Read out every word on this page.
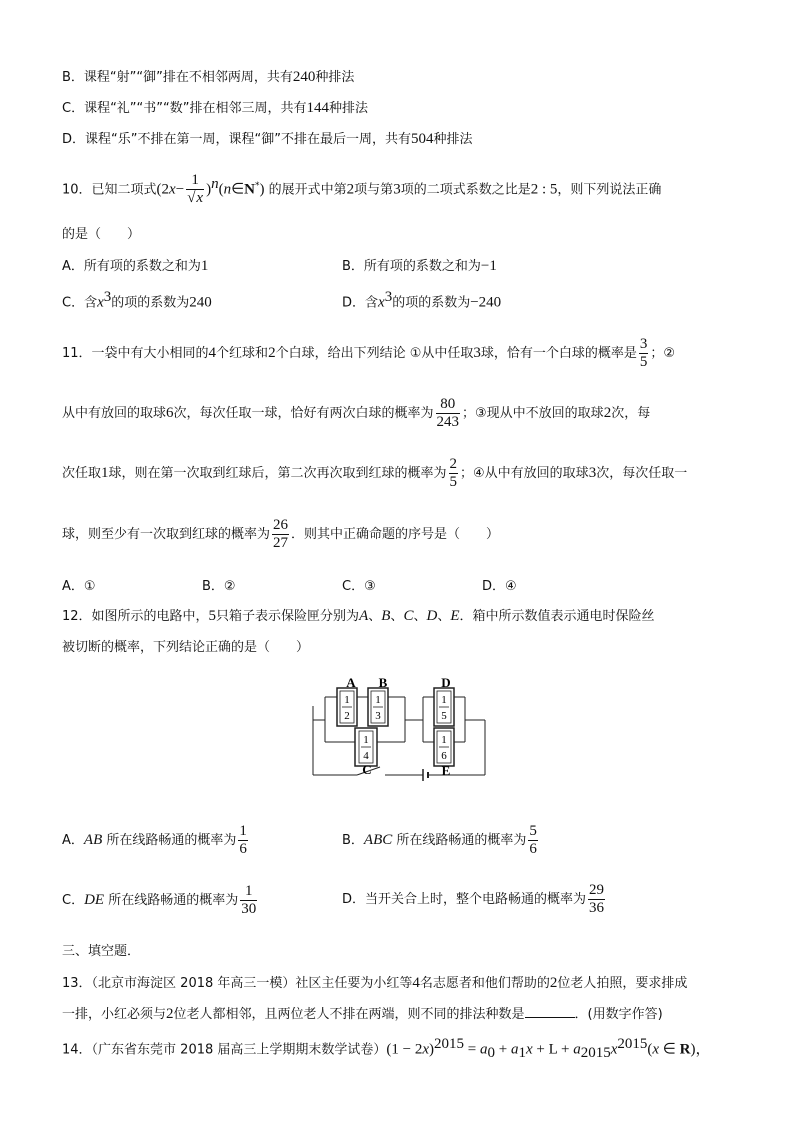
B．课程“射”“御”排在不相邻两周，共有240种排法
C．课程“礼”“书”“数”排在相邻三周，共有144种排法
D．课程“乐”不排在第一周，课程“御”不排在最后一周，共有504种排法
10．已知二项式($2x- \frac{1}{√x}$ )$^n(n\in N^*)$ 的展开式中第2项与第3项的二项式系数之比是2 : 5，则下列说法正确
的是（　　）
A．所有项的系数之和为1	B．所有项的系数之和为−1
C．含$x^3$的项的系数为240	D．含$x^3$的项的系数为−240
11．一袋中有大小相同的4个红球和2个白球，给出下列结论 ①从中任取3球，恰有一个白球的概率是 $\frac{3}{5}$ ；②
从中有放回的取球6次，每次任取一球，恰好有两次白球的概率为 $\frac{80}{243}$ ；③现从中不放回的取球2次，每
次任取1球，则在第一次取到红球后，第二次再次取到红球的概率为 $\frac{2}{5}$ ；④从中有放回的取球3次，每次任取一
球，则至少有一次取到红球的概率为 $\frac{26}{27}$ ．则其中正确命题的序号是（　　）
A．①	B．②	C．③	D．④
12．如图所示的电路中，5只箱子表示保险匣分别为A、B、C、D、E．箱中所示数值表示通电时保险丝
被切断的概率，下列结论正确的是（　　）
A
1
2
B
1
3
1
4
C
D
1
5
1
6
E
A．AB 所在线路畅通的概率为 $\frac{1}{6}$	B．ABC 所在线路畅通的概率为 $\frac{5}{6}$
C．DE 所在线路畅通的概率为 $\frac{1}{30}$	D．当开关合上时，整个电路畅通的概率为 $\frac{29}{36}$
三、填空题．
13．（北京市海淀区 2018 年高三一模）社区主任要为小红等4名志愿者和他们帮助的2位老人拍照，要求排成
一排，小红必须与2位老人都相邻，且两位老人不排在两端，则不同的排法种数是	．(用数字作答)
14．（广东省东莞市 2018 届高三上学期期末数学试卷）$(1 - 2x)^{2015} = a_0 + a_1x + L + a_{2015}x^{2015}(x$ ∈ R)，
